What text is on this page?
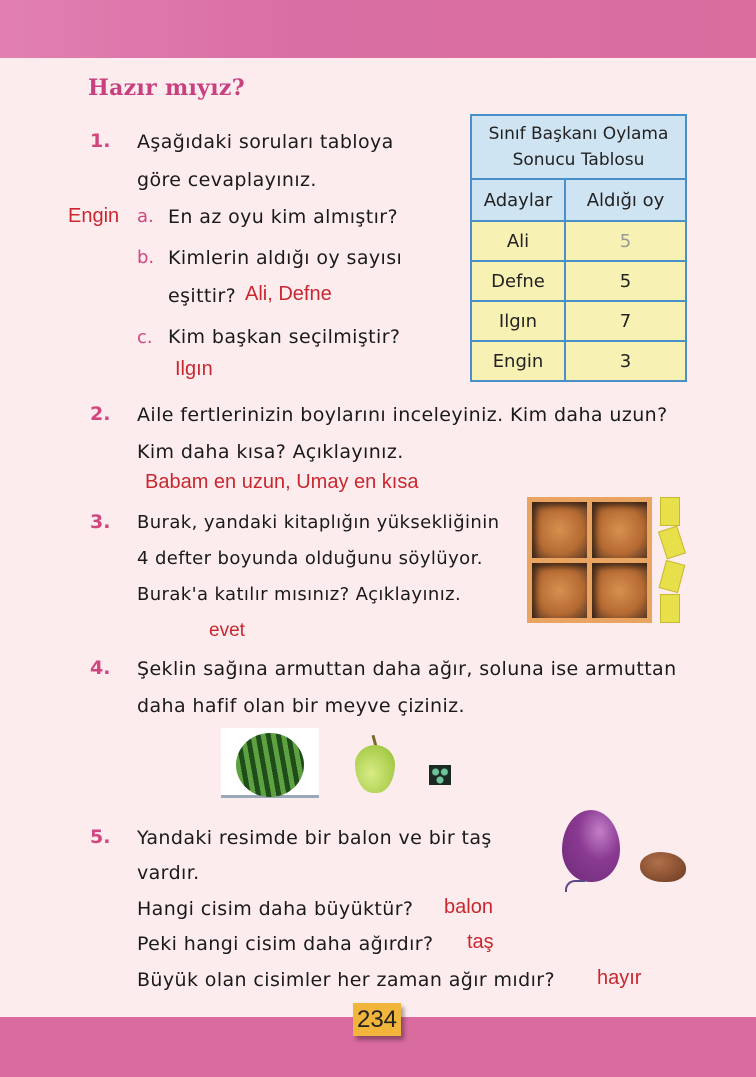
Hazır mıyız?
1. Aşağıdaki soruları tabloya
göre cevaplayınız.
Engin a. En az oyu kim almıştır?
b. Kimlerin aldığı oy sayısı
eşittir? Ali, Defne
c. Kim başkan seçilmiştir?
Ilgın
Sınıf Başkanı Oylama
Sonucu Tablosu	
Adaylar	Aldığı oy
Ali	5
Defne	5
Ilgın	7
Engin	3
2. Aile fertlerinizin boylarını inceleyiniz. Kim daha uzun?
Kim daha kısa? Açıklayınız.
Babam en uzun, Umay en kısa
3. Burak, yandaki kitaplığın yüksekliğinin
4 defter boyunda olduğunu söylüyor.
Burak'a katılır mısınız? Açıklayınız.
evet
4. Şeklin sağına armuttan daha ağır, soluna ise armuttan
daha hafif olan bir meyve çiziniz.
5. Yandaki resimde bir balon ve bir taş
vardır.
Hangi cisim daha büyüktür? balon
Peki hangi cisim daha ağırdır? taş
Büyük olan cisimler her zaman ağır mıdır? hayır
234
